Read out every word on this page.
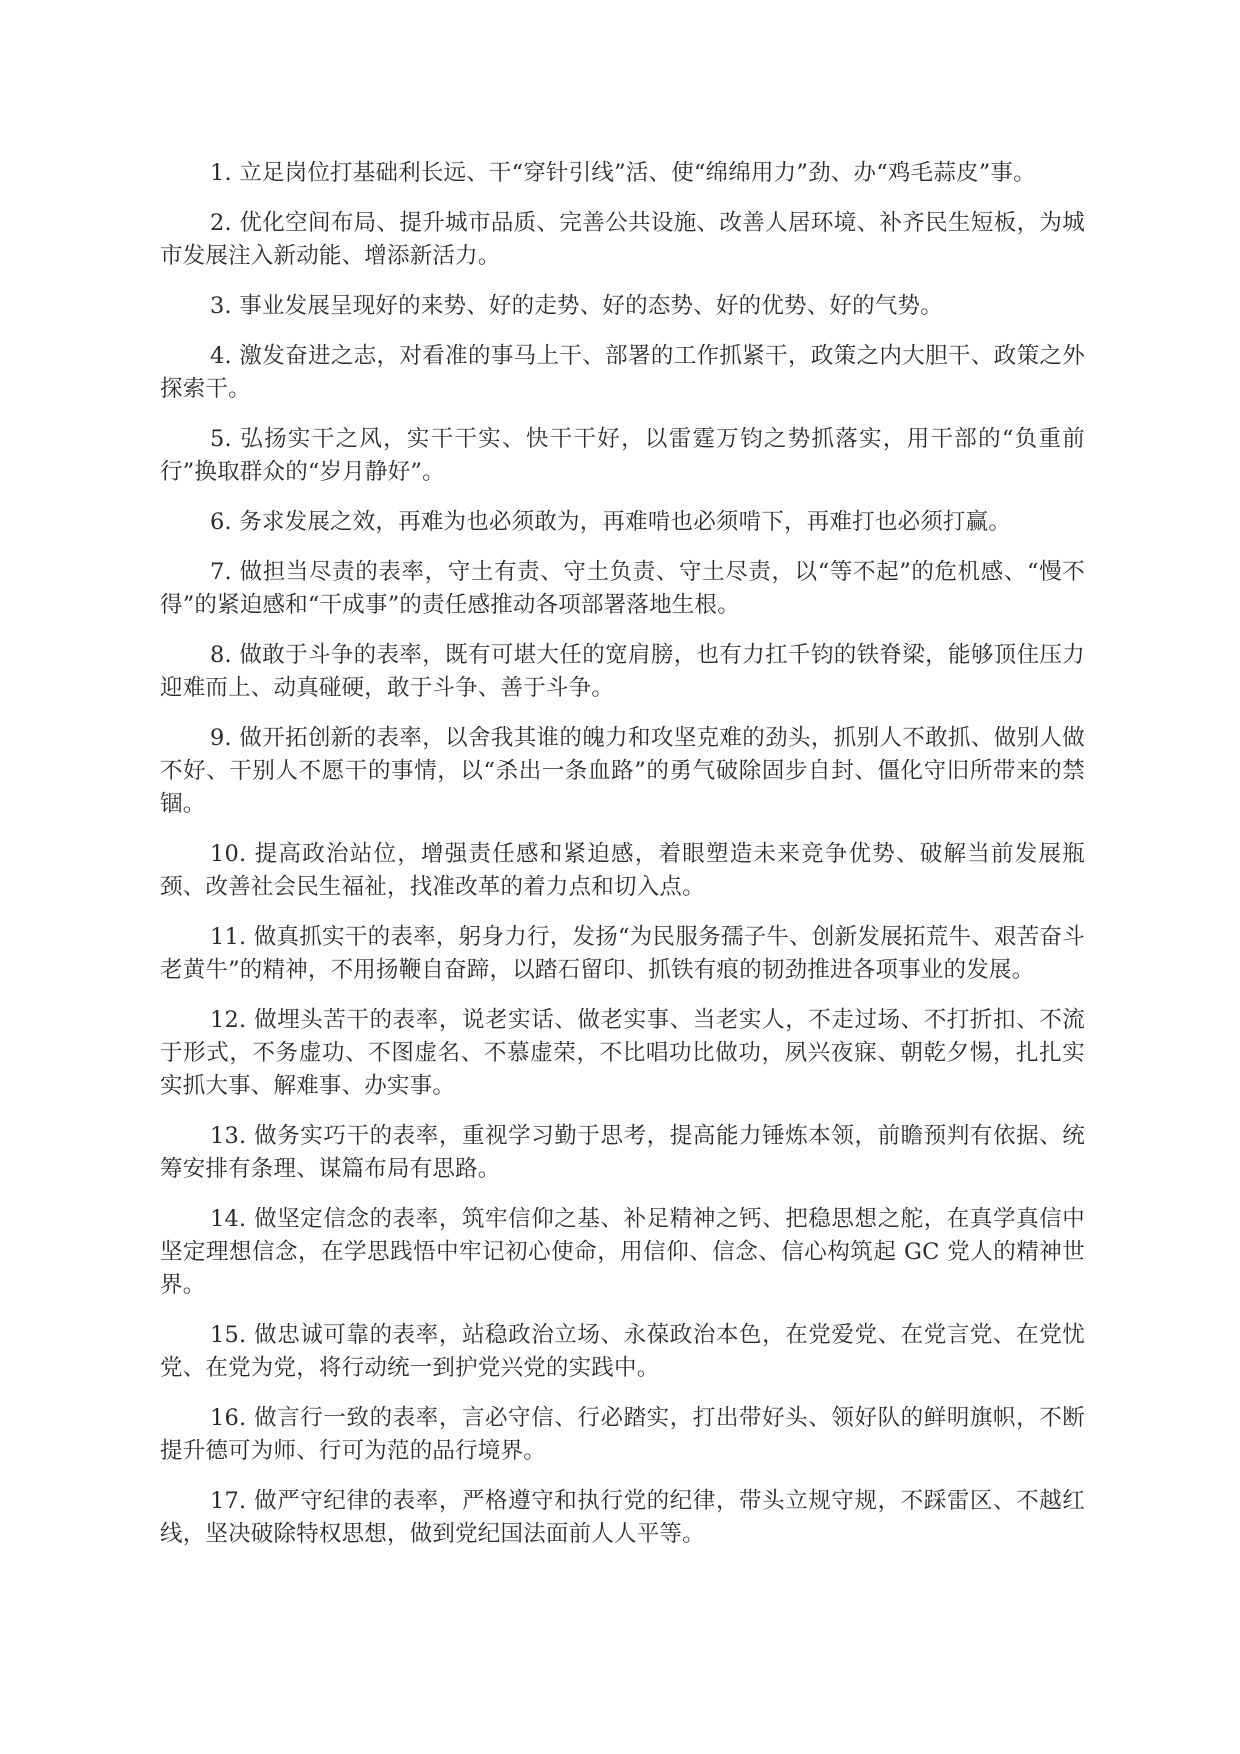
1. 立足岗位打基础利长远、干“穿针引线”活、使“绵绵用力”劲、办“鸡毛蒜皮”事。

2. 优化空间布局、提升城市品质、完善公共设施、改善人居环境、补齐民生短板，为城市发展注入新动能、增添新活力。

3. 事业发展呈现好的来势、好的走势、好的态势、好的优势、好的气势。

4. 激发奋进之志，对看准的事马上干、部署的工作抓紧干，政策之内大胆干、政策之外探索干。

5. 弘扬实干之风，实干干实、快干干好，以雷霆万钧之势抓落实，用干部的“负重前行”换取群众的“岁月静好”。

6. 务求发展之效，再难为也必须敢为，再难啃也必须啃下，再难打也必须打赢。

7. 做担当尽责的表率，守土有责、守土负责、守土尽责，以“等不起”的危机感、“慢不得”的紧迫感和“干成事”的责任感推动各项部署落地生根。

8. 做敢于斗争的表率，既有可堪大任的宽肩膀，也有力扛千钧的铁脊梁，能够顶住压力迎难而上、动真碰硬，敢于斗争、善于斗争。

9. 做开拓创新的表率，以舍我其谁的魄力和攻坚克难的劲头，抓别人不敢抓、做别人做不好、干别人不愿干的事情，以“杀出一条血路”的勇气破除固步自封、僵化守旧所带来的禁锢。

10. 提高政治站位，增强责任感和紧迫感，着眼塑造未来竞争优势、破解当前发展瓶颈、改善社会民生福祉，找准改革的着力点和切入点。

11. 做真抓实干的表率，躬身力行，发扬“为民服务孺子牛、创新发展拓荒牛、艰苦奋斗老黄牛”的精神，不用扬鞭自奋蹄，以踏石留印、抓铁有痕的韧劲推进各项事业的发展。

12. 做埋头苦干的表率，说老实话、做老实事、当老实人，不走过场、不打折扣、不流于形式，不务虚功、不图虚名、不慕虚荣，不比唱功比做功，夙兴夜寐、朝乾夕惕，扎扎实实抓大事、解难事、办实事。

13. 做务实巧干的表率，重视学习勤于思考，提高能力锤炼本领，前瞻预判有依据、统筹安排有条理、谋篇布局有思路。

14. 做坚定信念的表率，筑牢信仰之基、补足精神之钙、把稳思想之舵，在真学真信中坚定理想信念，在学思践悟中牢记初心使命，用信仰、信念、信心构筑起 GC 党人的精神世界。

15. 做忠诚可靠的表率，站稳政治立场、永葆政治本色，在党爱党、在党言党、在党忧党、在党为党，将行动统一到护党兴党的实践中。

16. 做言行一致的表率，言必守信、行必踏实，打出带好头、领好队的鲜明旗帜，不断提升德可为师、行可为范的品行境界。

17. 做严守纪律的表率，严格遵守和执行党的纪律，带头立规守规，不踩雷区、不越红线，坚决破除特权思想，做到党纪国法面前人人平等。
